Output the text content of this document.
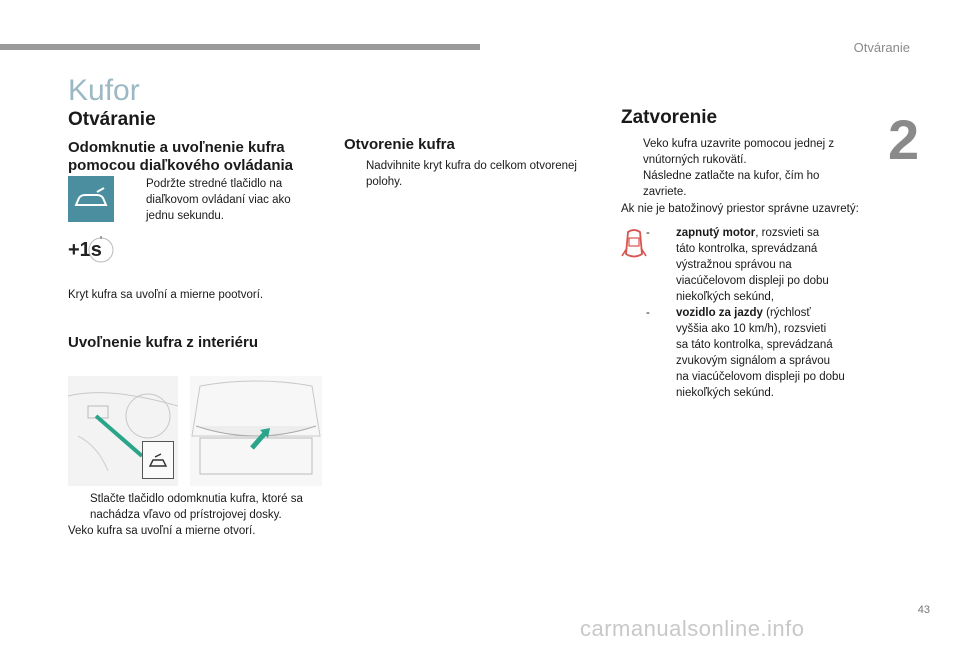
Otváranie
2
Kufor
Otváranie
Odomknutie a uvoľnenie kufra
pomocou diaľkového ovládania
Podržte stredné tlačidlo na
diaľkovom ovládaní viac ako
jednu sekundu.
+1s
Kryt kufra sa uvoľní a mierne pootvorí.
Uvoľnenie kufra z interiéru
Stlačte tlačidlo odomknutia kufra, ktoré sa
nachádza vľavo od prístrojovej dosky.
Veko kufra sa uvoľní a mierne otvorí.
Otvorenie kufra
Nadvihnite kryt kufra do celkom otvorenej
polohy.
Zatvorenie
Veko kufra uzavrite pomocou jednej z
vnútorných rukovätí.
Následne zatlačte na kufor, čím ho
zavriete.
Ak nie je batožinový priestor správne uzavretý:
-	zapnutý motor, rozsvieti sa
táto kontrolka, sprevádzaná
výstražnou správou na
viacúčelovom displeji po dobu
niekoľkých sekúnd,
-	vozidlo za jazdy (rýchlosť
vyššia ako 10 km/h), rozsvieti
sa táto kontrolka, sprevádzaná
zvukovým signálom a správou
na viacúčelovom displeji po dobu
niekoľkých sekúnd.
43
carmanualsonline.info
